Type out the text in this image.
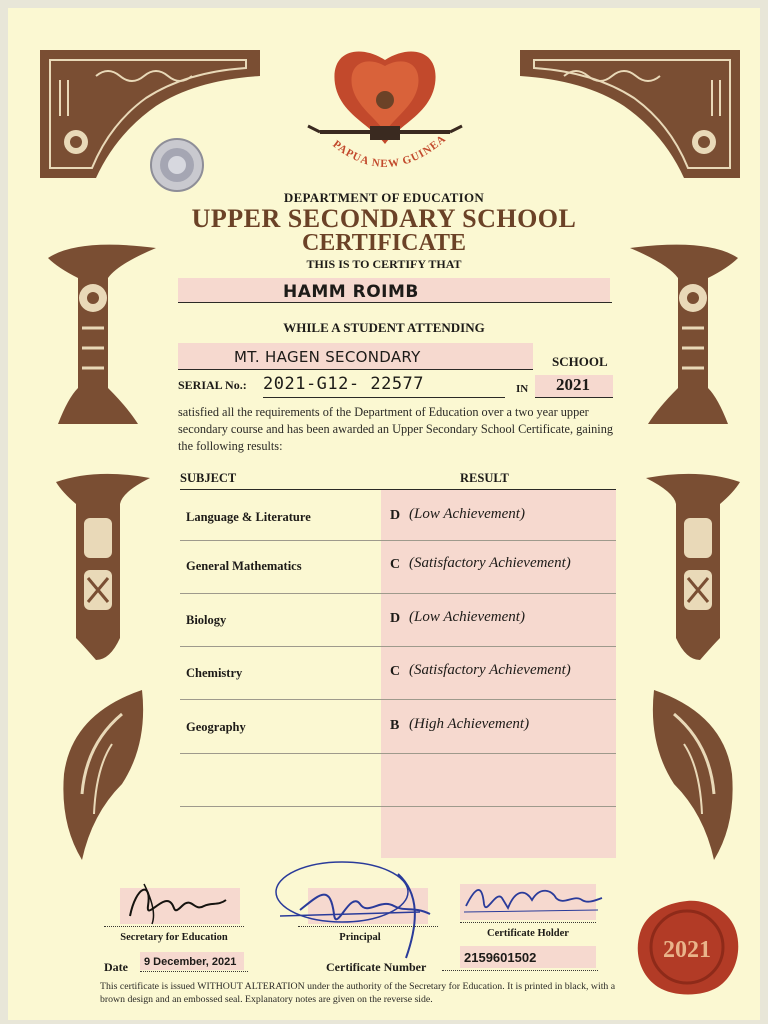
PAPUA NEW GUINEA
DEPARTMENT OF EDUCATION
UPPER SECONDARY SCHOOL
CERTIFICATE
THIS IS TO CERTIFY THAT
HAMM ROIMB
WHILE A STUDENT ATTENDING
MT. HAGEN SECONDARY	SCHOOL
SERIAL No.: 2021-G12- 22577	IN 2021
satisfied all the requirements of the Department of Education over a two year upper secondary course and has been awarded an Upper Secondary School Certificate, gaining the following results:
SUBJECT	RESULT
Language & Literature	D (Low Achievement)
General Mathematics	C (Satisfactory Achievement)
Biology	D (Low Achievement)
Chemistry	C (Satisfactory Achievement)
Geography	B (High Achievement)
Secretary for Education	Principal	Certificate Holder
Date 9 December, 2021	Certificate Number
2159601502
This certificate is issued WITHOUT ALTERATION under the authority of the Secretary for Education. It is printed in black, with a brown design and an embossed seal. Explanatory notes are given on the reverse side.
2021
